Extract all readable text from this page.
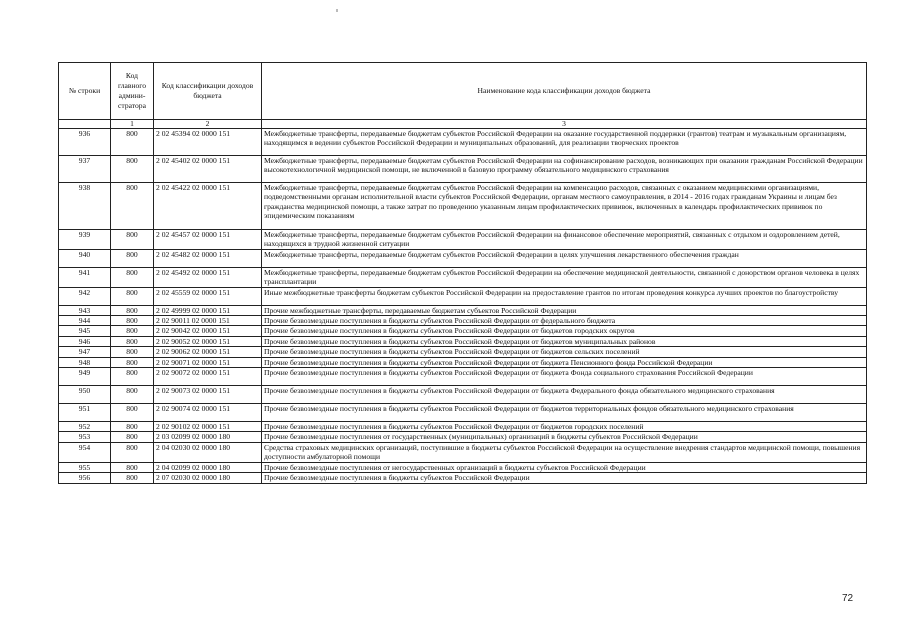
№ строки	Код главного админи-стратора	Код классификации доходов бюджета	Наименование кода классификации доходов бюджета
	1	2	3
936	800	2 02 45394 02 0000 151	Межбюджетные трансферты, передаваемые бюджетам субъектов Российской Федерации на оказание государственной поддержки (грантов) театрам и музыкальным организациям, находящимся в ведении субъектов Российской Федерации и муниципальных образований, для реализации творческих проектов
937	800	2 02 45402 02 0000 151	Межбюджетные трансферты, передаваемые бюджетам субъектов Российской Федерации на софинансирование расходов, возникающих при оказании гражданам Российской Федерации высокотехнологичной медицинской помощи, не включенной в базовую программу обязательного медицинского страхования
938	800	2 02 45422 02 0000 151	Межбюджетные трансферты, передаваемые бюджетам субъектов Российской Федерации на компенсацию расходов, связанных с оказанием медицинскими организациями, подведомственными органам исполнительной власти субъектов Российской Федерации, органам местного самоуправления, в 2014 - 2016 годах гражданам Украины и лицам без гражданства медицинской помощи, а также затрат по проведению указанным лицам профилактических прививок, включенных в календарь профилактических прививок по эпидемическим показаниям
939	800	2 02 45457 02 0000 151	Межбюджетные трансферты, передаваемые бюджетам субъектов Российской Федерации на финансовое обеспечение мероприятий, связанных с отдыхом и оздоровлением детей, находящихся в трудной жизненной ситуации
940	800	2 02 45482 02 0000 151	Межбюджетные трансферты, передаваемые бюджетам субъектов Российской Федерации в целях улучшения лекарственного обеспечения граждан
941	800	2 02 45492 02 0000 151	Межбюджетные трансферты, передаваемые бюджетам субъектов Российской Федерации на обеспечение медицинской деятельности, связанной с донорством органов человека в целях трансплантации
942	800	2 02 45559 02 0000 151	Иные межбюджетные трансферты бюджетам субъектов Российской Федерации на предоставление грантов по итогам проведения конкурса лучших проектов по благоустройству
943	800	2 02 49999 02 0000 151	Прочие межбюджетные трансферты, передаваемые бюджетам субъектов Российской Федерации
944	800	2 02 90011 02 0000 151	Прочие безвозмездные поступления в бюджеты субъектов Российской Федерации от федерального бюджета
945	800	2 02 90042 02 0000 151	Прочие безвозмездные поступления в бюджеты субъектов Российской Федерации от бюджетов городских округов
946	800	2 02 90052 02 0000 151	Прочие безвозмездные поступления в бюджеты субъектов Российской Федерации от бюджетов муниципальных районов
947	800	2 02 90062 02 0000 151	Прочие безвозмездные поступления в бюджеты субъектов Российской Федерации от бюджетов сельских поселений
948	800	2 02 90071 02 0000 151	Прочие безвозмездные поступления в бюджеты субъектов Российской Федерации от бюджета Пенсионного фонда Российской Федерации
949	800	2 02 90072 02 0000 151	Прочие безвозмездные поступления в бюджеты субъектов Российской Федерации от бюджета Фонда социального страхования Российской Федерации
950	800	2 02 90073 02 0000 151	Прочие безвозмездные поступления в бюджеты субъектов Российской Федерации от бюджета Федерального фонда обязательного медицинского страхования
951	800	2 02 90074 02 0000 151	Прочие безвозмездные поступления в бюджеты субъектов Российской Федерации от бюджетов территориальных фондов обязательного медицинского страхования
952	800	2 02 90102 02 0000 151	Прочие безвозмездные поступления в бюджеты субъектов Российской Федерации от бюджетов городских поселений
953	800	2 03 02099 02 0000 180	Прочие безвозмездные поступления от государственных (муниципальных) организаций в бюджеты субъектов Российской Федерации
954	800	2 04 02030 02 0000 180	Средства страховых медицинских организаций, поступившие в бюджеты субъектов Российской Федерации на осуществление внедрения стандартов медицинской помощи, повышения доступности амбулаторной помощи
955	800	2 04 02099 02 0000 180	Прочие безвозмездные поступления от негосударственных организаций в бюджеты субъектов Российской Федерации
956	800	2 07 02030 02 0000 180	Прочие безвозмездные поступления в бюджеты субъектов Российской Федерации
72
